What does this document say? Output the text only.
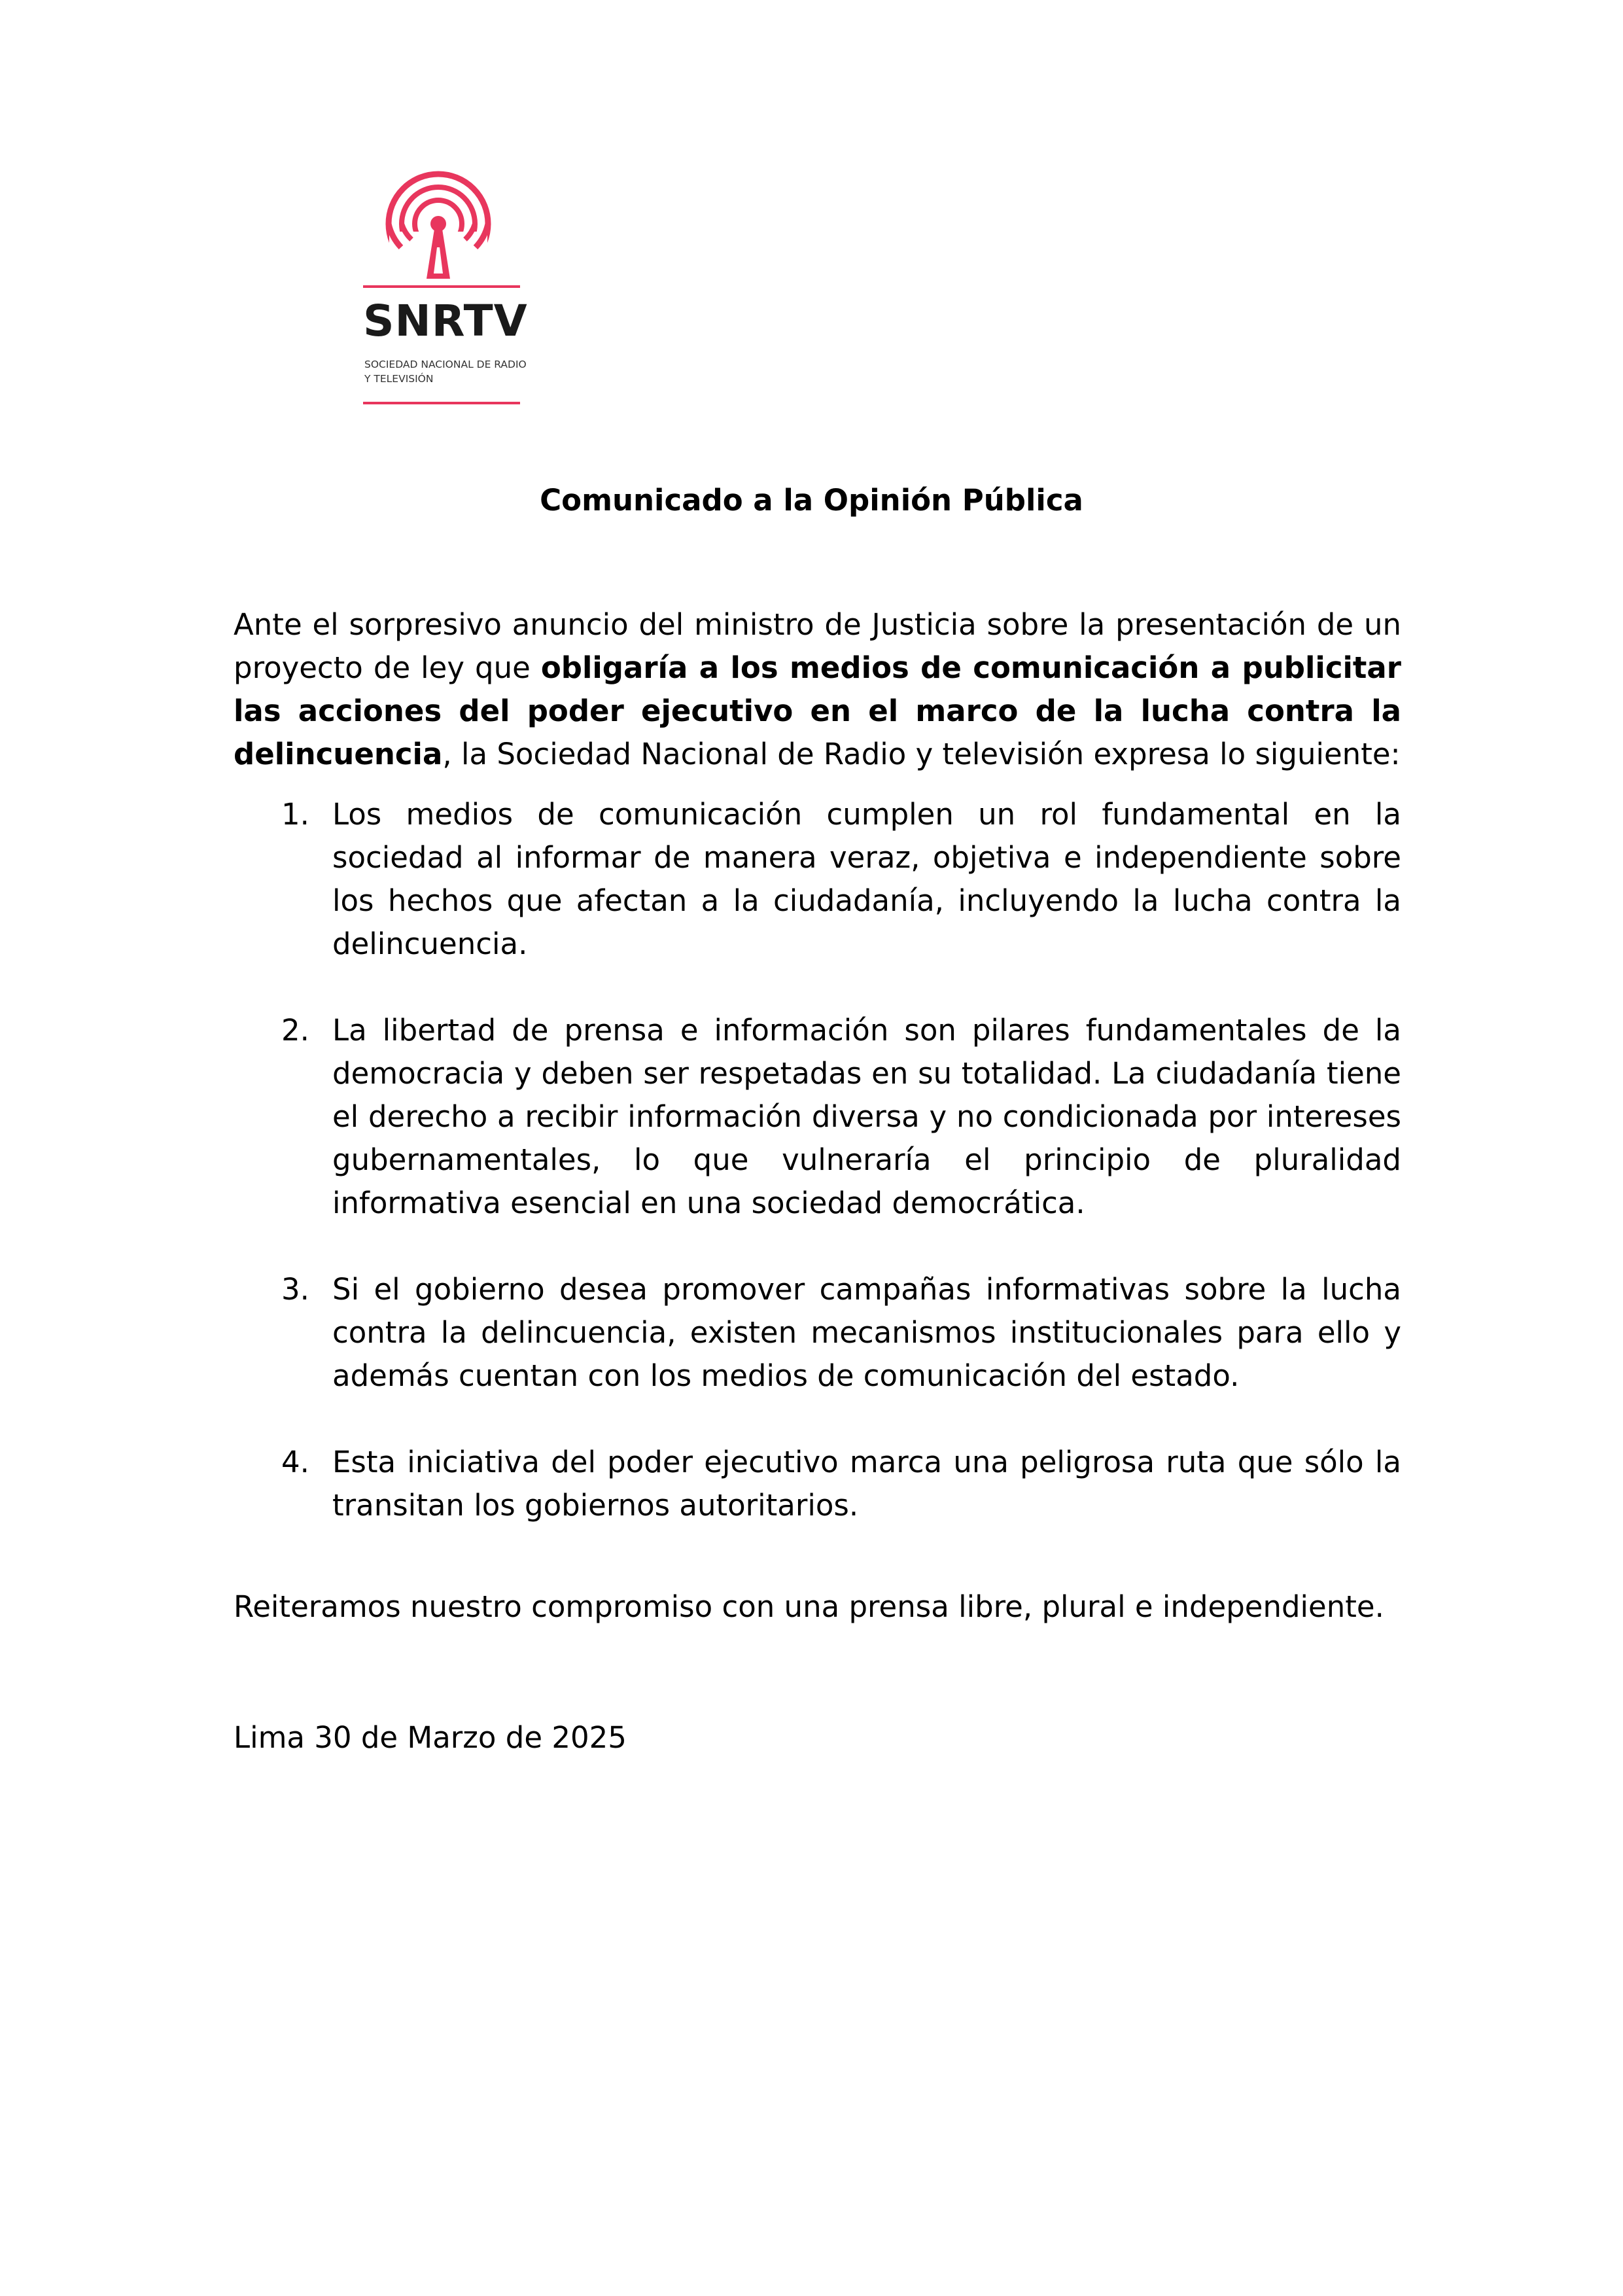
SNRTV
SOCIEDAD NACIONAL DE RADIO Y TELEVISIÓN
Comunicado a la Opinión Pública

Ante el sorpresivo anuncio del ministro de Justicia sobre la presentación de un proyecto de ley que obligaría a los medios de comunicación a publicitar las acciones del poder ejecutivo en el marco de la lucha contra la delincuencia, la Sociedad Nacional de Radio y televisión expresa lo siguiente:

1. Los medios de comunicación cumplen un rol fundamental en la sociedad al informar de manera veraz, objetiva e independiente sobre los hechos que afectan a la ciudadanía, incluyendo la lucha contra la delincuencia.
2. La libertad de prensa e información son pilares fundamentales de la democracia y deben ser respetadas en su totalidad. La ciudadanía tiene el derecho a recibir información diversa y no condicionada por intereses gubernamentales, lo que vulneraría el principio de pluralidad informativa esencial en una sociedad democrática.
3. Si el gobierno desea promover campañas informativas sobre la lucha contra la delincuencia, existen mecanismos institucionales para ello y además cuentan con los medios de comunicación del estado.
4. Esta iniciativa del poder ejecutivo marca una peligrosa ruta que sólo la transitan los gobiernos autoritarios.
Reiteramos nuestro compromiso con una prensa libre, plural e independiente.
Lima 30 de Marzo de 2025
